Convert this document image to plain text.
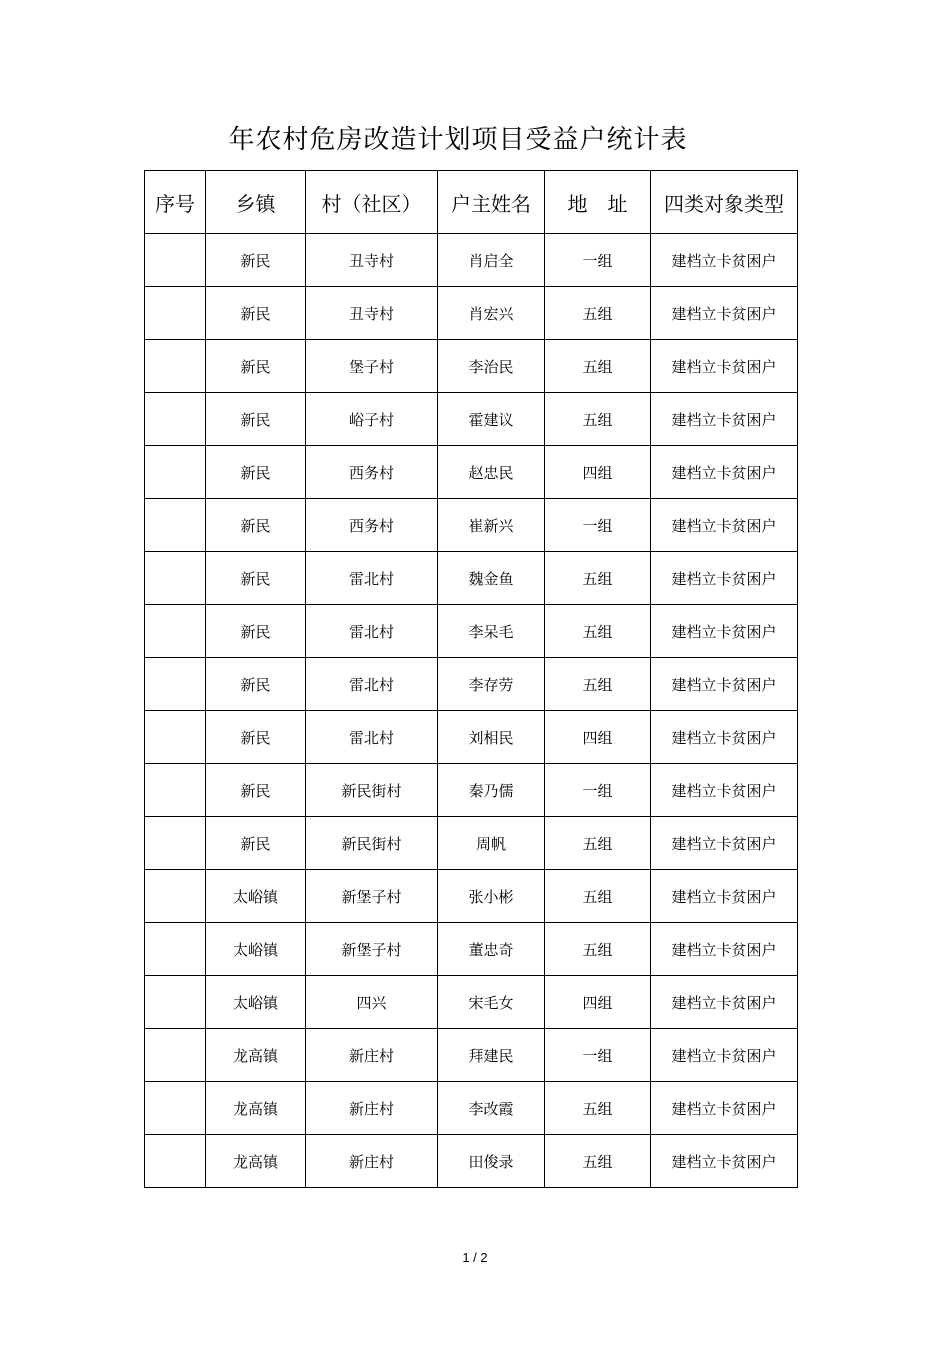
年农村危房改造计划项目受益户统计表
序号	乡镇	村（社区）	户主姓名	地　址	四类对象类型
	新民	丑寺村	肖启全	一组	建档立卡贫困户
	新民	丑寺村	肖宏兴	五组	建档立卡贫困户
	新民	堡子村	李治民	五组	建档立卡贫困户
	新民	峪子村	霍建议	五组	建档立卡贫困户
	新民	西务村	赵忠民	四组	建档立卡贫困户
	新民	西务村	崔新兴	一组	建档立卡贫困户
	新民	雷北村	魏金鱼	五组	建档立卡贫困户
	新民	雷北村	李呆毛	五组	建档立卡贫困户
	新民	雷北村	李存劳	五组	建档立卡贫困户
	新民	雷北村	刘相民	四组	建档立卡贫困户
	新民	新民街村	秦乃儒	一组	建档立卡贫困户
	新民	新民街村	周帆	五组	建档立卡贫困户
	太峪镇	新堡子村	张小彬	五组	建档立卡贫困户
	太峪镇	新堡子村	董忠奇	五组	建档立卡贫困户
	太峪镇	四兴	宋毛女	四组	建档立卡贫困户
	龙高镇	新庄村	拜建民	一组	建档立卡贫困户
	龙高镇	新庄村	李改霞	五组	建档立卡贫困户
	龙高镇	新庄村	田俊录	五组	建档立卡贫困户
1 / 2
